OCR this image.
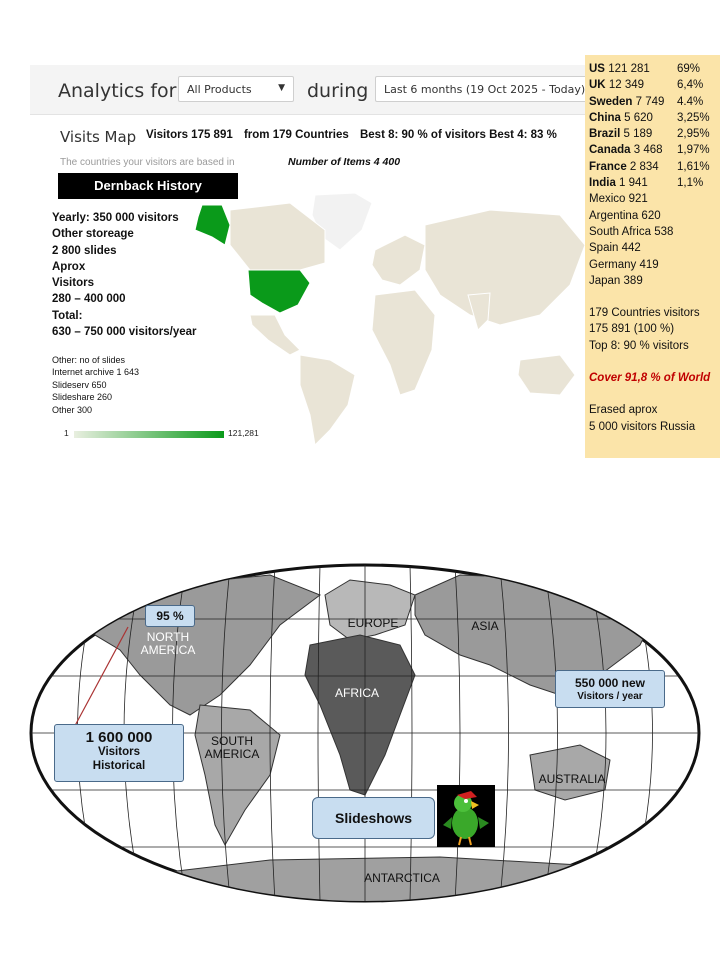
Analytics for All Products	▼ during	Last 6 months (19 Oct 2025 - Today)
Visits Map Visitors 175 891 from 179 Countries Best 8: 90 % of visitors Best 4: 83 %
The countries your visitors are based in	Number of Items 4 400
Dernback History
Yearly: 350 000 visitors
Other storeage
2 800 slides
Aprox
Visitors
280 – 400 000
Total:
630 – 750 000 visitors/year
Other: no of slides
Internet archive 1 643
Slideserv 650
Slideshare 260
Other 300
1	121,281
US 121 281 69%
UK 12 349	6,4%
Sweden 7 749 4.4%
China 5 620 3,25%
Brazil 5 189 2,95%
Canada 3 468 1,97%
France 2 834 1,61%
India 1 941	1,1%
Mexico 921
Argentina 620
South Africa 538
Spain 442
Germany 419
Japan 389
179 Countries visitors
175 891 (100 %)
Top 8: 90 % visitors
Cover 91,8 % of World
Erased aprox
5 000 visitors Russia
NORTH
AMERICA
SOUTH
AMERICA
EUROPE	ASIA
AFRICA
AUSTRALIA
ANTARCTICA
95 %
1 600 000
Visitors
Historical
550 000 new
Visitors / year
Slideshows
